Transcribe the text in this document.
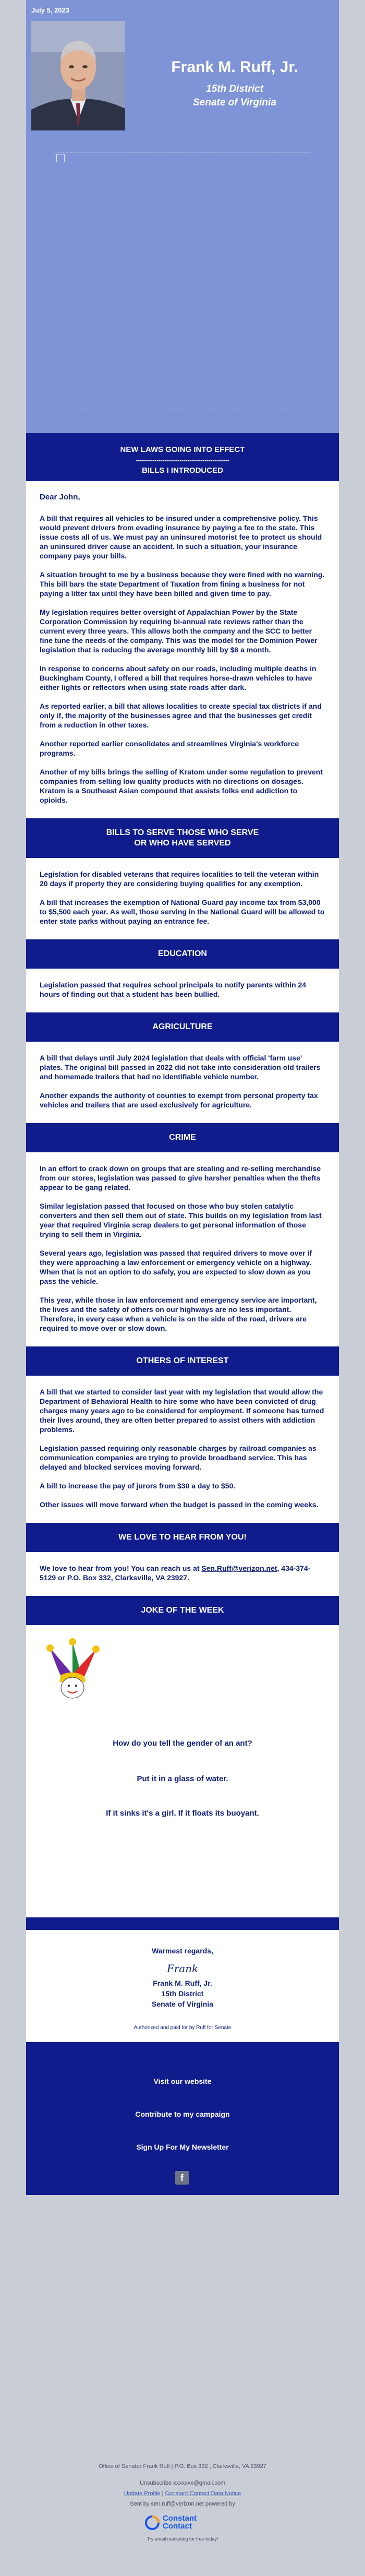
July 5, 2023
Frank M. Ruff, Jr.
15th District
Senate of Virginia
NEW LAWS GOING INTO EFFECT
---------------------------------------------
BILLS I INTRODUCED

Dear John,

A bill that requires all vehicles to be insured under a comprehensive policy. This would prevent drivers from evading insurance by paying a fee to the state. This issue costs all of us. We must pay an uninsured motorist fee to protect us should an uninsured driver cause an accident. In such a situation, your insurance company pays your bills.

A situation brought to me by a business because they were fined with no warning. This bill bars the state Department of Taxation from fining a business for not paying a litter tax until they have been billed and given time to pay.

My legislation requires better oversight of Appalachian Power by the State Corporation Commission by requiring bi-annual rate reviews rather than the current every three years. This allows both the company and the SCC to better fine tune the needs of the company. This was the model for the Dominion Power legislation that is reducing the average monthly bill by $8 a month.

In response to concerns about safety on our roads, including multiple deaths in Buckingham County, I offered a bill that requires horse-drawn vehicles to have either lights or reflectors when using state roads after dark.

As reported earlier, a bill that allows localities to create special tax districts if and only if, the majority of the businesses agree and that the businesses get credit from a reduction in other taxes.

Another reported earlier consolidates and streamlines Virginia's workforce programs.

Another of my bills brings the selling of Kratom under some regulation to prevent companies from selling low quality products with no directions on dosages. Kratom is a Southeast Asian compound that assists folks end addiction to opioids.

BILLS TO SERVE THOSE WHO SERVE
OR WHO HAVE SERVED

Legislation for disabled veterans that requires localities to tell the veteran within 20 days if property they are considering buying qualifies for any exemption.

A bill that increases the exemption of National Guard pay income tax from $3,000 to $5,500 each year. As well, those serving in the National Guard will be allowed to enter state parks without paying an entrance fee.

EDUCATION

Legislation passed that requires school principals to notify parents within 24 hours of finding out that a student has been bullied.

AGRICULTURE

A bill that delays until July 2024 legislation that deals with official 'farm use' plates. The original bill passed in 2022 did not take into consideration old trailers and homemade trailers that had no identifiable vehicle number.

Another expands the authority of counties to exempt from personal property tax vehicles and trailers that are used exclusively for agriculture.

CRIME

In an effort to crack down on groups that are stealing and re-selling merchandise from our stores, legislation was passed to give harsher penalties when the thefts appear to be gang related.

Similar legislation passed that focused on those who buy stolen catalytic converters and then sell them out of state. This builds on my legislation from last year that required Virginia scrap dealers to get personal information of those trying to sell them in Virginia.

Several years ago, legislation was passed that required drivers to move over if they were approaching a law enforcement or emergency vehicle on a highway. When that is not an option to do safely, you are expected to slow down as you pass the vehicle.

This year, while those in law enforcement and emergency service are important, the lives and the safety of others on our highways are no less important. Therefore, in every case when a vehicle is on the side of the road, drivers are required to move over or slow down.

OTHERS OF INTEREST

A bill that we started to consider last year with my legislation that would allow the Department of Behavioral Health to hire some who have been convicted of drug charges many years ago to be considered for employment. If someone has turned their lives around, they are often better prepared to assist others with addiction problems.

Legislation passed requiring only reasonable charges by railroad companies as communication companies are trying to provide broadband service. This has delayed and blocked services moving forward.

A bill to increase the pay of jurors from $30 a day to $50.

Other issues will move forward when the budget is passed in the coming weeks.

WE LOVE TO HEAR FROM YOU!

We love to hear from you! You can reach us at Sen.Ruff@verizon.net, 434-374-5129 or P.O. Box 332, Clarksville, VA 23927.

JOKE OF THE WEEK
How do you tell the gender of an ant?
Put it in a glass of water.
If it sinks it's a girl. If it floats its buoyant.
Warmest regards,
Frank
Frank M. Ruff, Jr.
15th District
Senate of Virginia
Authorized and paid for by Ruff for Senate
Visit our website
Contribute to my campaign
Sign Up For My Newsletter
f
Office of Senator Frank Ruff | P.O. Box 332 , Clarksville, VA 23927
Unsubscribe xxxxxxx@gmail.com
Update Profile | Constant Contact Data Notice
Sent by sen.ruff@verizon.net powered by
Constant
Contact
Try email marketing for free today!
